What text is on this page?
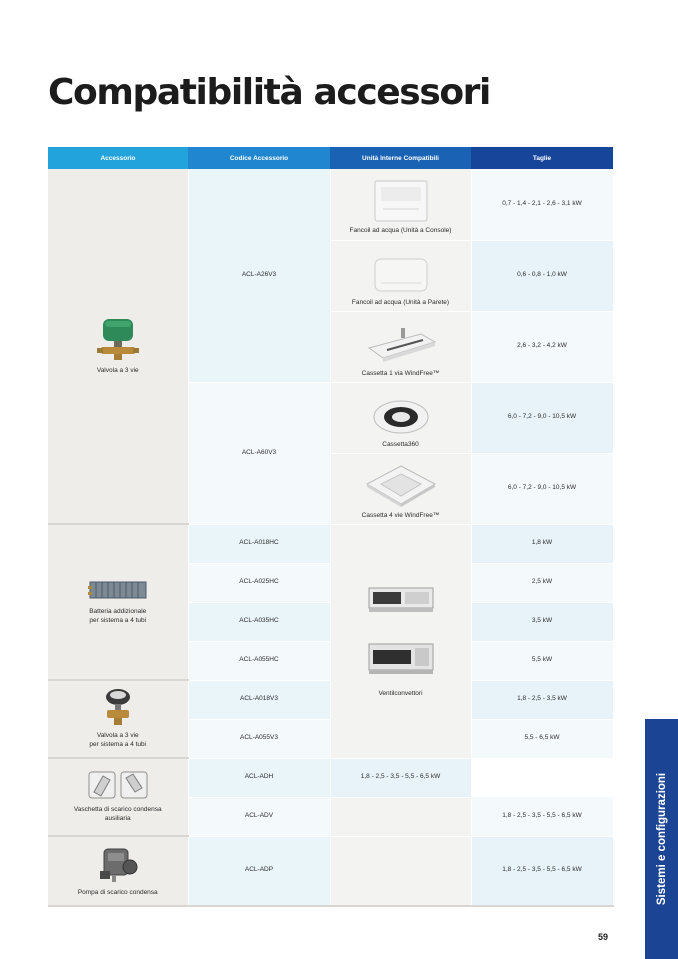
Compatibilità accessori
Accessorio	Codice Accessorio	Unità Interne Compatibili	Taglie

Valvola a 3 vie	ACL-A26V3	Fancoil ad acqua (Unità a Console)	0,7 - 1,4 - 2,1 - 2,6 - 3,1 kW

		Fancoil ad acqua (Unità a Parete)	0,6 - 0,8 - 1,0 kW

		Cassetta 1 via WindFree™	2,6 - 3,2 - 4,2 kW
	ACL-A60V3	Cassetta360	6,0 - 7,2 - 9,0 - 10,5 kW

		Cassetta 4 vie WindFree™	6,0 - 7,2 - 9,0 - 10,5 kW

Batteria addizionale
per sistema a 4 tubi	ACL-A018HC	Ventilconvettori	1,8 kW
	ACL-A025HC		2,5 kW
	ACL-A035HC		3,5 kW
	ACL-A055HC		5,5 kW

Valvola a 3 vie
per sistema a 4 tubi	ACL-A018V3		1,8 - 2,5 - 3,5 kW
	ACL-A055V3		5,5 - 6,5 kW

Vaschetta di scarico condensa
ausiliaria	ACL-ADH	1,8 - 2,5 - 3,5 - 5,5 - 6,5 kW	
	ACL-ADV		1,8 - 2,5 - 3,5 - 5,5 - 6,5 kW

Pompa di scarico condensa	ACL-ADP		1,8 - 2,5 - 3,5 - 5,5 - 6,5 kW	Sistemi e configurazioni
59
